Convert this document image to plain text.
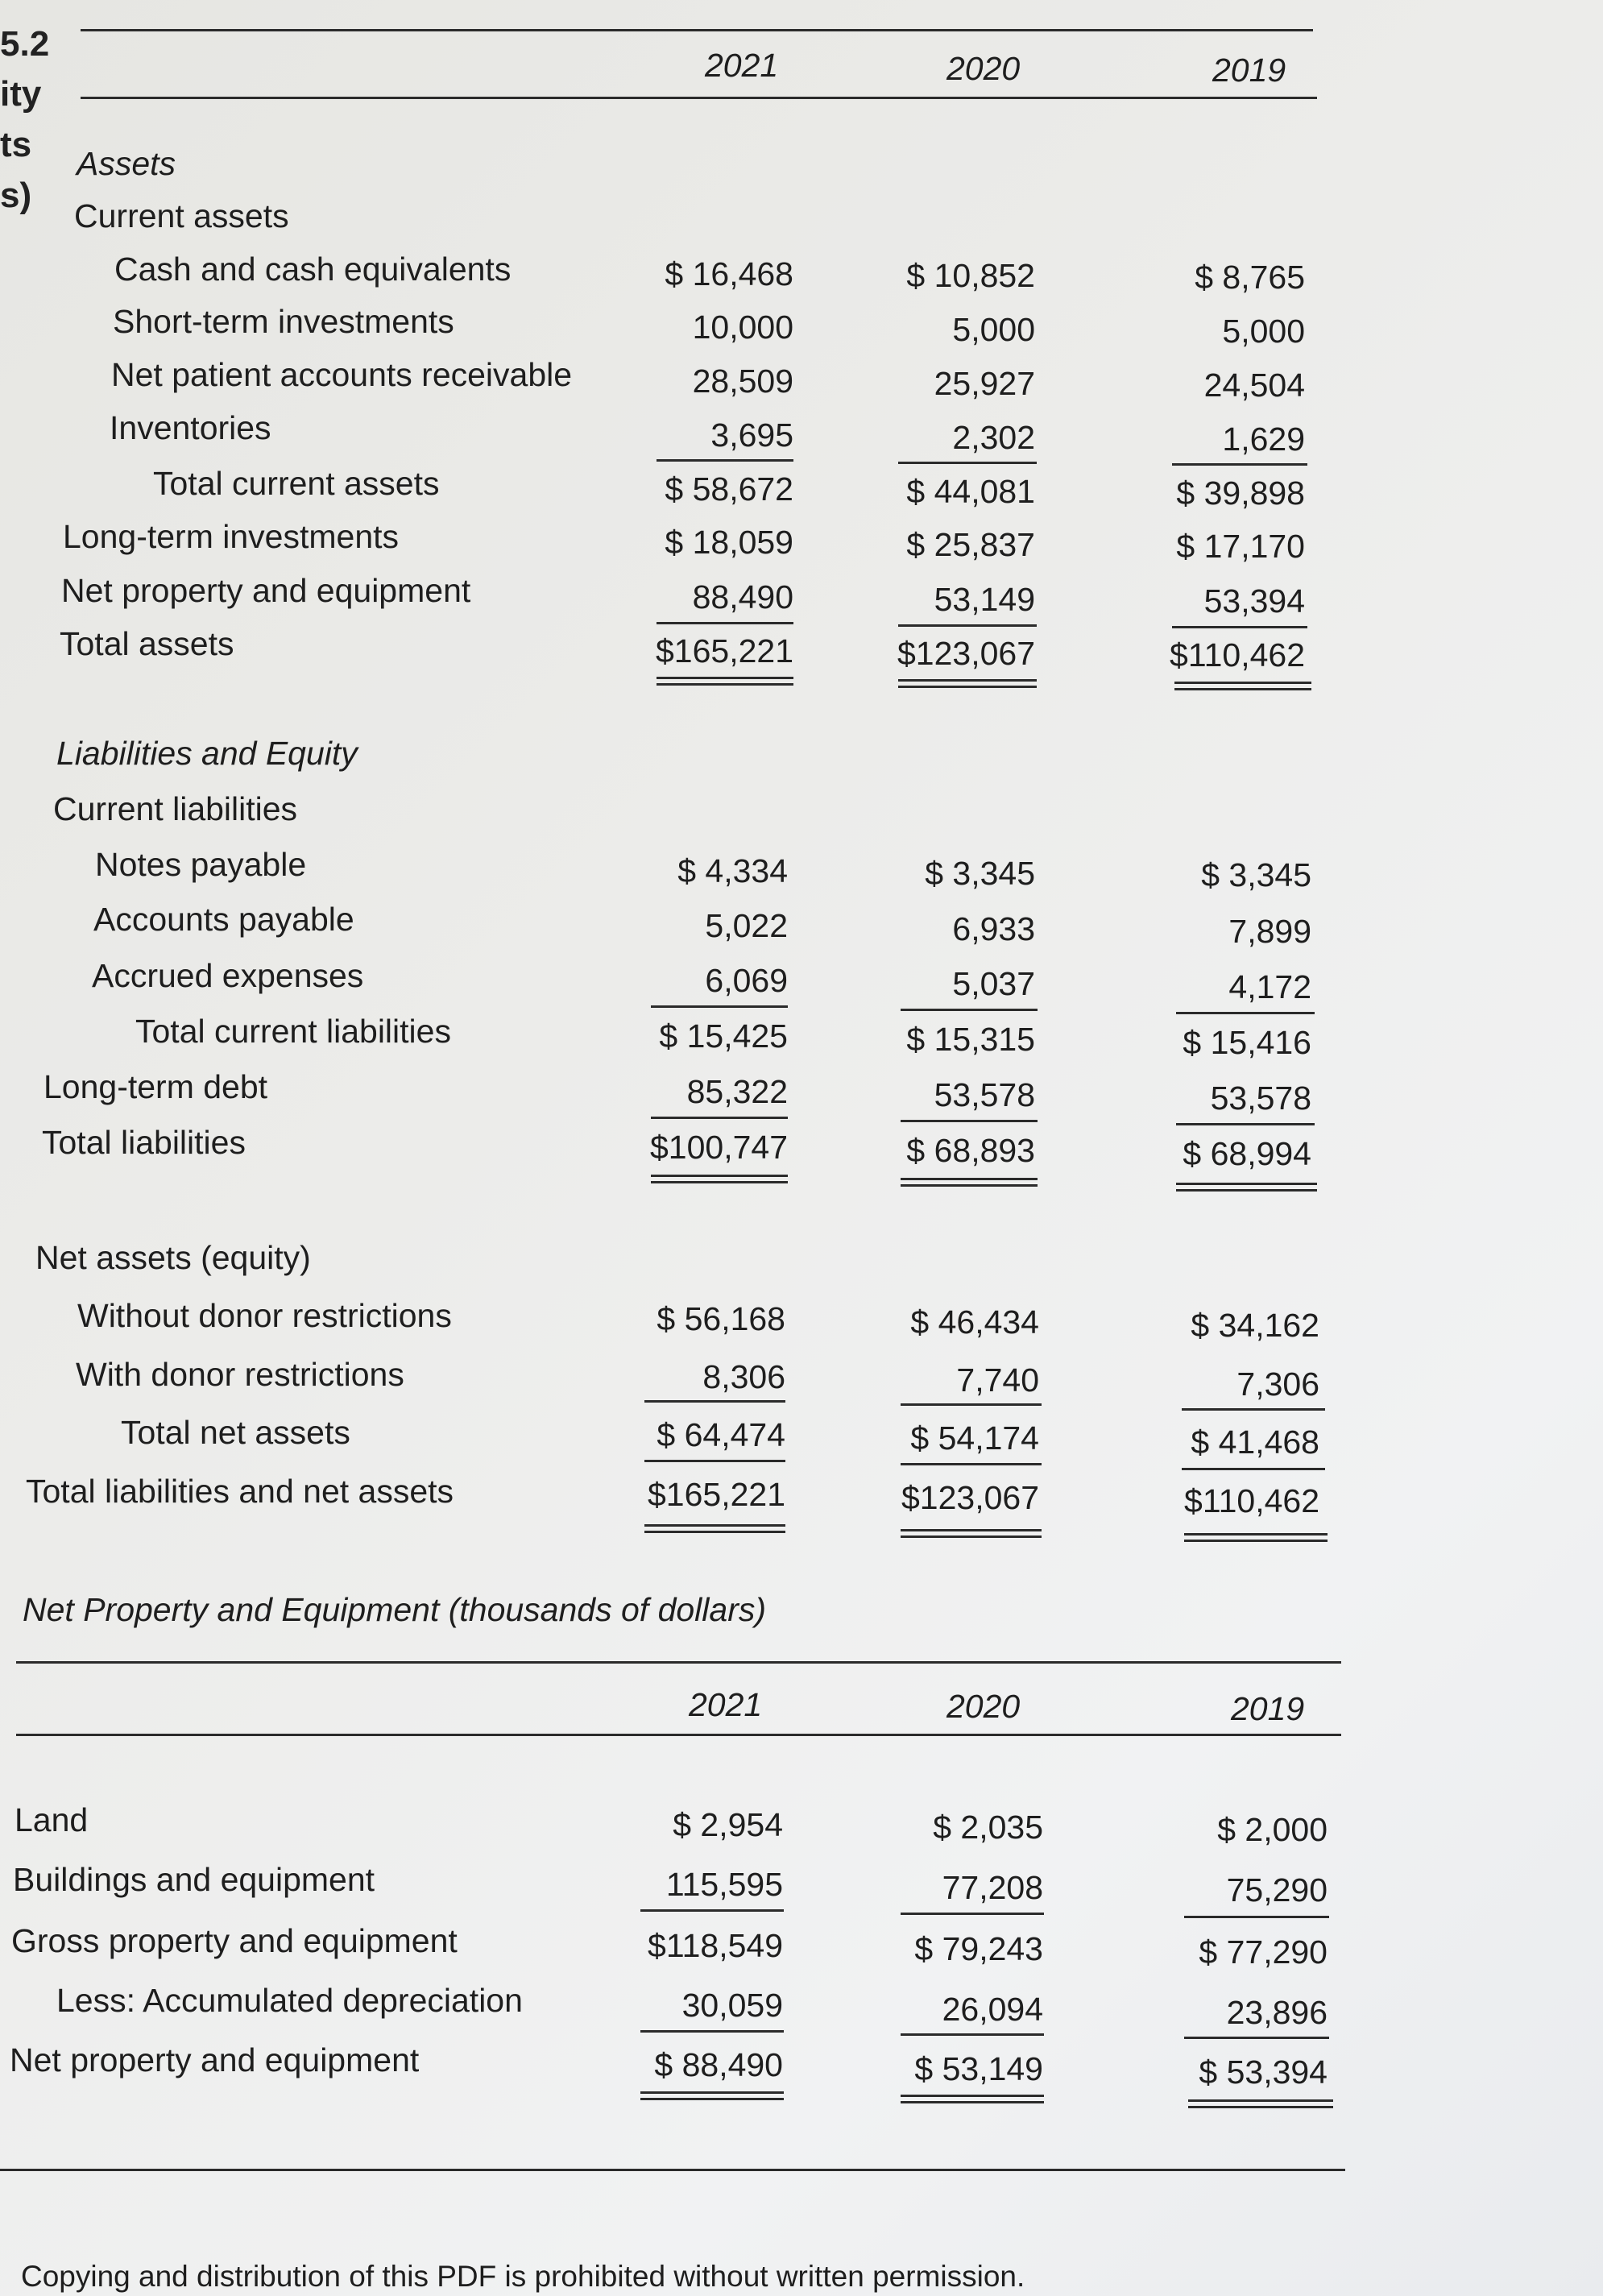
5.2
ity
ts
s)
2021	2020	2019
Assets
Current assets
Cash and cash equivalents	$ 16,468	$ 10,852	$ 8,765
Short-term investments	10,000	5,000	5,000
Net patient accounts receivable	28,509	25,927	24,504
Inventories	3,695	2,302	1,629
Total current assets	$ 58,672	$ 44,081	$ 39,898
Long-term investments	$ 18,059	$ 25,837	$ 17,170
Net property and equipment	88,490	53,149	53,394
Total assets	$165,221	$123,067	$110,462
Liabilities and Equity
Current liabilities
Notes payable	$ 4,334	$ 3,345	$ 3,345
Accounts payable	5,022	6,933	7,899
Accrued expenses	6,069	5,037	4,172
Total current liabilities	$ 15,425	$ 15,315	$ 15,416
Long-term debt	85,322	53,578	53,578
Total liabilities	$100,747	$ 68,893	$ 68,994
Net assets (equity)
Without donor restrictions	$ 56,168	$ 46,434	$ 34,162
With donor restrictions	8,306	7,740	7,306
Total net assets	$ 64,474	$ 54,174	$ 41,468
Total liabilities and net assets	$165,221	$123,067	$110,462
Net Property and Equipment (thousands of dollars)
2021	2020	2019
Land	$ 2,954	$ 2,035	$ 2,000
Buildings and equipment	115,595	77,208	75,290
Gross property and equipment	$118,549	$ 79,243	$ 77,290
Less: Accumulated depreciation	30,059	26,094	23,896
Net property and equipment	$ 88,490	$ 53,149	$ 53,394
Copying and distribution of this PDF is prohibited without written permission.
